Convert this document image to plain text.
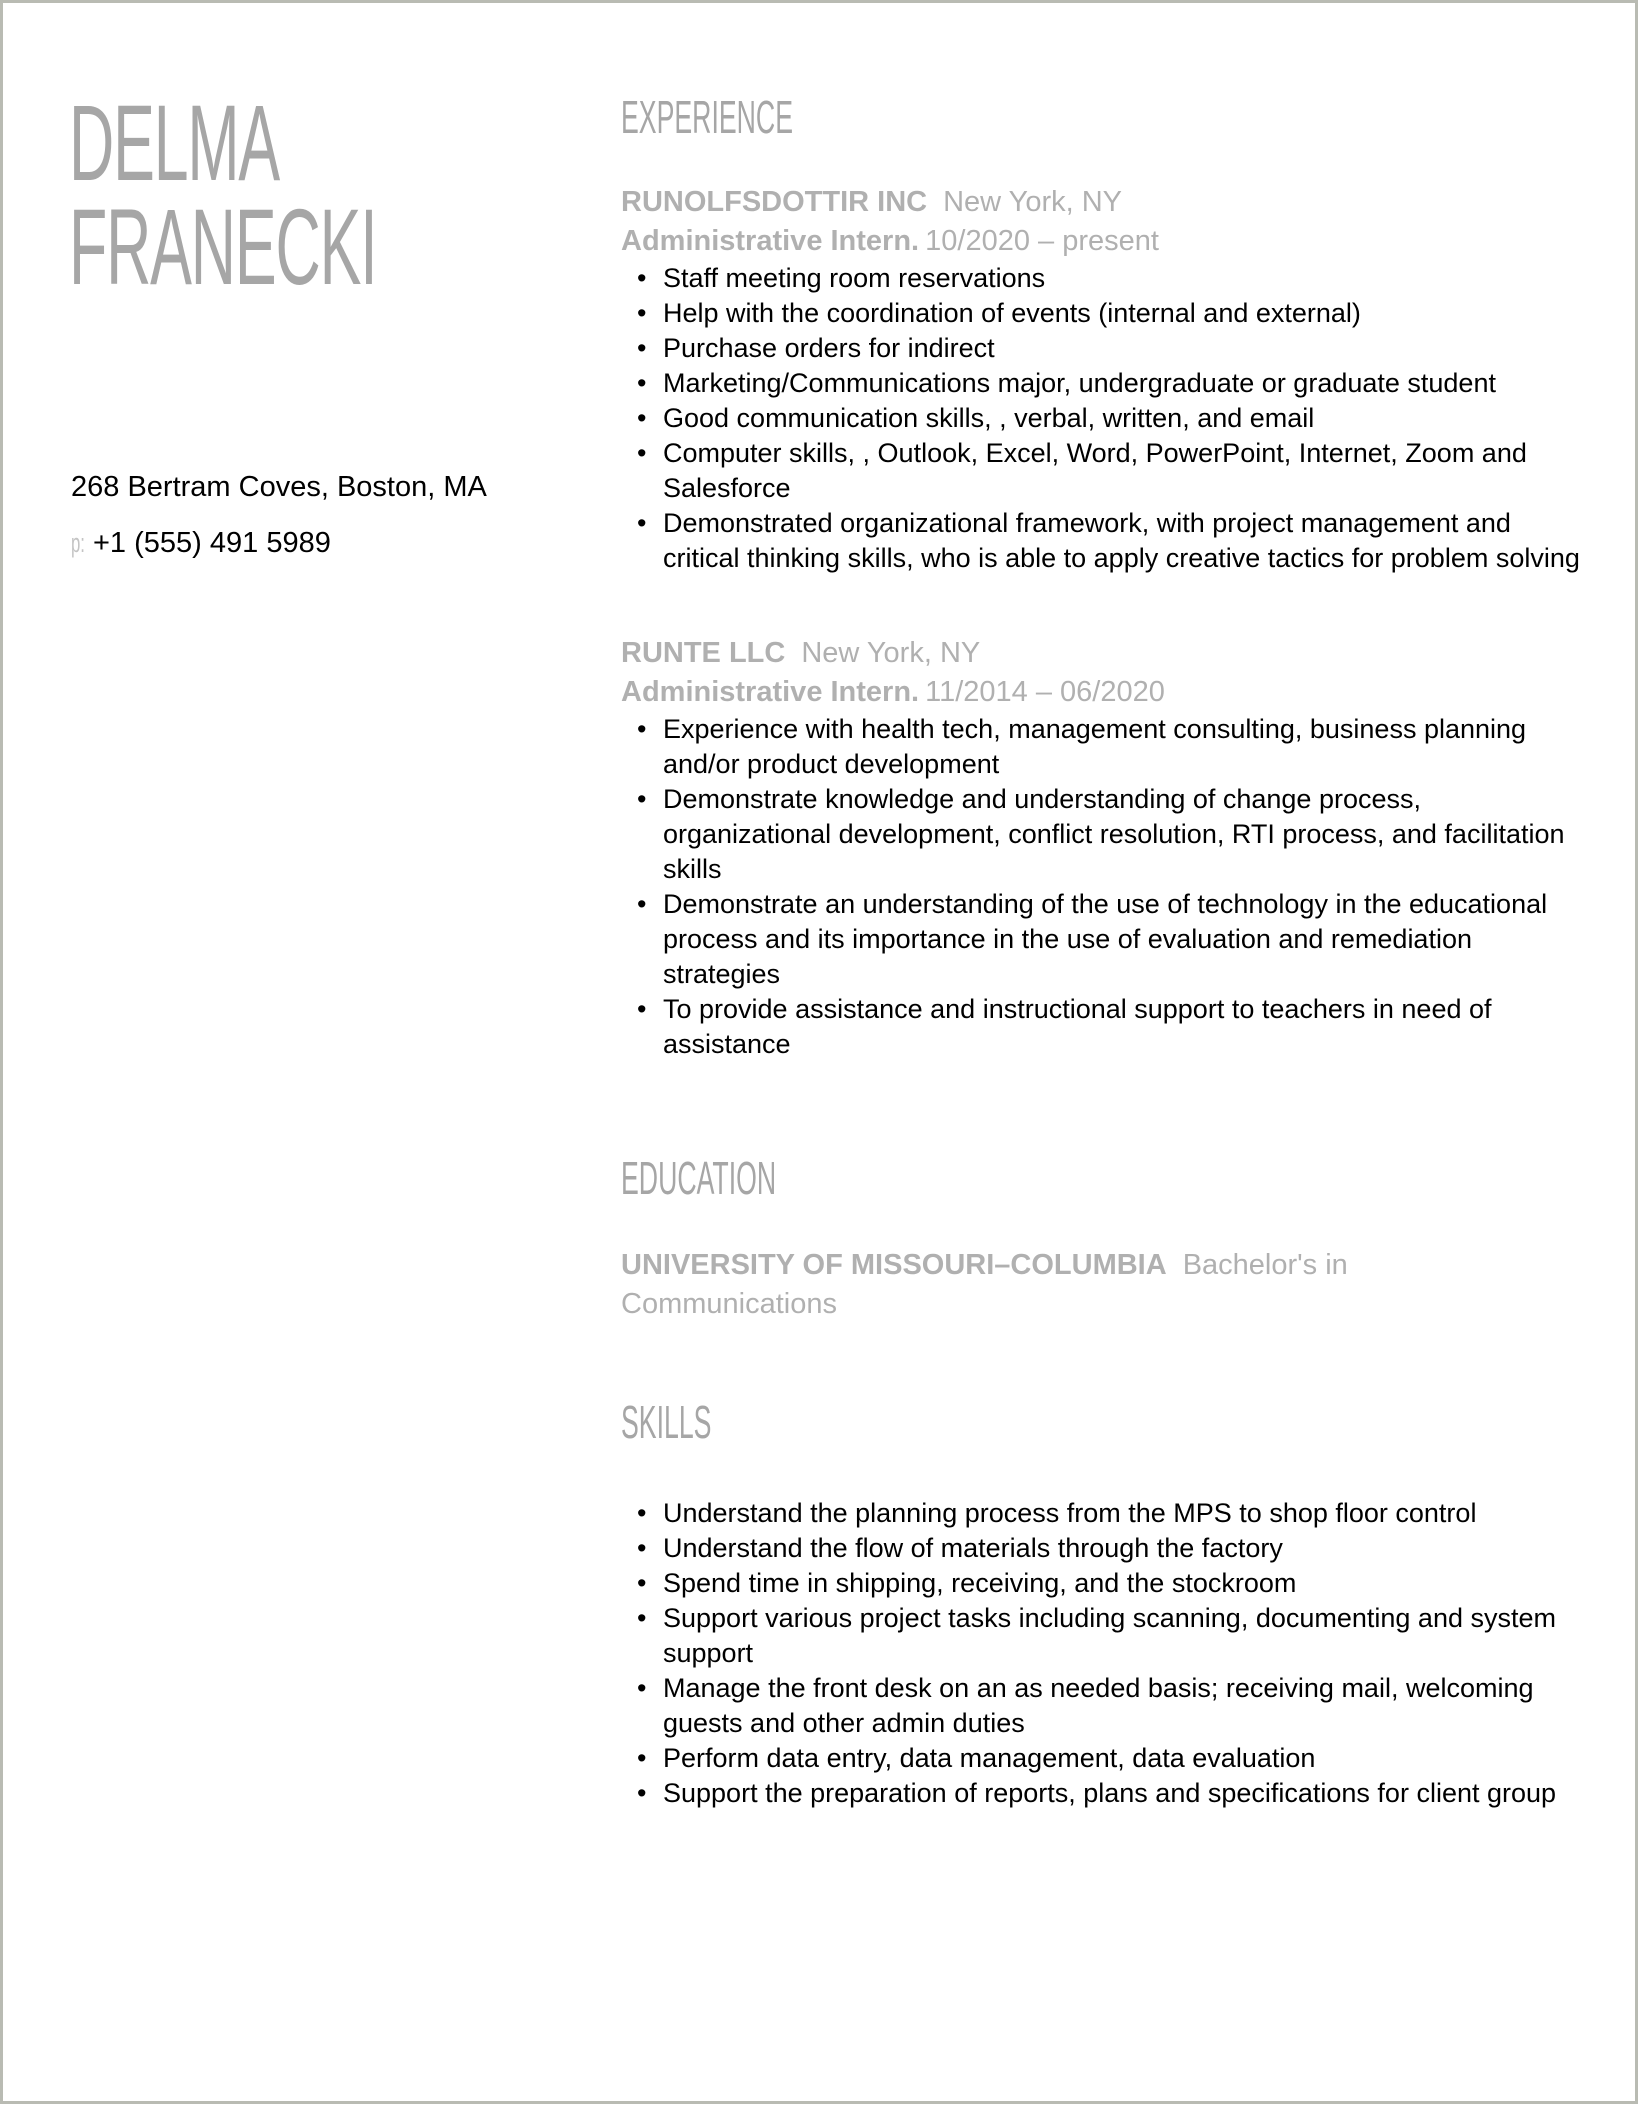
DELMA
FRANECKI
268 Bertram Coves, Boston, MA
p: +1 (555) 491 5989
EXPERIENCE
RUNOLFSDOTTIR INC New York, NY
Administrative Intern. 10/2020 – present
• Staff meeting room reservations
• Help with the coordination of events (internal and external)
• Purchase orders for indirect
• Marketing/Communications major, undergraduate or graduate student
• Good communication skills, , verbal, written, and email
• Computer skills, , Outlook, Excel, Word, PowerPoint, Internet, Zoom and Salesforce
• Demonstrated organizational framework, with project management and critical thinking skills, who is able to apply creative tactics for problem solving
RUNTE LLC New York, NY
Administrative Intern. 11/2014 – 06/2020
• Experience with health tech, management consulting, business planning and/or product development
• Demonstrate knowledge and understanding of change process, organizational development, conflict resolution, RTI process, and facilitation skills
• Demonstrate an understanding of the use of technology in the educational process and its importance in the use of evaluation and remediation strategies
• To provide assistance and instructional support to teachers in need of assistance
EDUCATION
UNIVERSITY OF MISSOURI–COLUMBIA Bachelor's in Communications
SKILLS
• Understand the planning process from the MPS to shop floor control
• Understand the flow of materials through the factory
• Spend time in shipping, receiving, and the stockroom
• Support various project tasks including scanning, documenting and system support
• Manage the front desk on an as needed basis; receiving mail, welcoming guests and other admin duties
• Perform data entry, data management, data evaluation
• Support the preparation of reports, plans and specifications for client group
